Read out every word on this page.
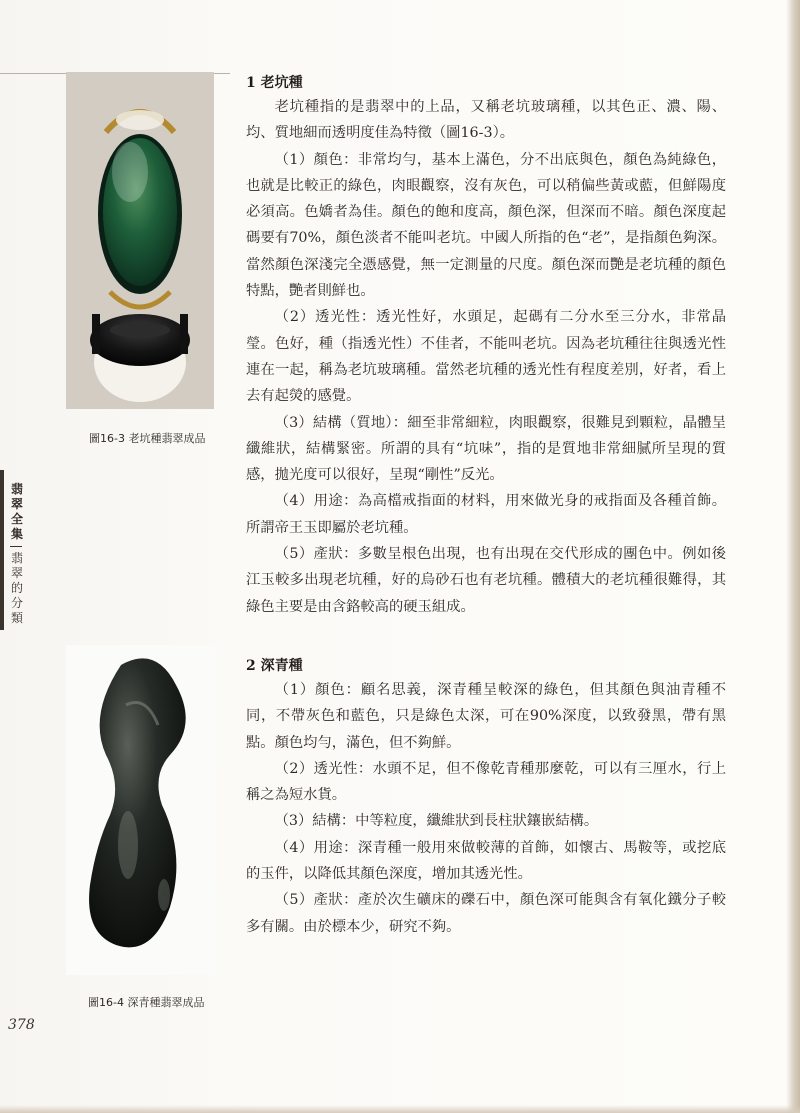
翡
翠
全
集
翡
翠
的
分
類
圖16-3 老坑種翡翠成品
圖16-4 深青種翡翠成品
1 老坑種

老坑種指的是翡翠中的上品，又稱老坑玻璃種，以其色正、濃、陽、均、質地細而透明度佳為特徵（圖16-3）。

（1）顏色：非常均勻，基本上滿色，分不出底與色，顏色為純綠色，也就是比較正的綠色，肉眼觀察，沒有灰色，可以稍偏些黃或藍，但鮮陽度必須高。色嬌者為佳。顏色的飽和度高，顏色深，但深而不暗。顏色深度起碼要有70%，顏色淡者不能叫老坑。中國人所指的色“老”，是指顏色夠深。當然顏色深淺完全憑感覺，無一定測量的尺度。顏色深而艷是老坑種的顏色特點，艷者則鮮也。

（2）透光性：透光性好，水頭足，起碼有二分水至三分水，非常晶瑩。色好，種（指透光性）不佳者，不能叫老坑。因為老坑種往往與透光性連在一起，稱為老坑玻璃種。當然老坑種的透光性有程度差別，好者，看上去有起熒的感覺。

（3）結構（質地）：細至非常細粒，肉眼觀察，很難見到顆粒，晶體呈纖維狀，結構緊密。所謂的具有“坑味”，指的是質地非常細膩所呈現的質感，拋光度可以很好，呈現“剛性”反光。

（4）用途：為高檔戒指面的材料，用來做光身的戒指面及各種首飾。所謂帝王玉即屬於老坑種。

（5）產狀：多數呈根色出現，也有出現在交代形成的團色中。例如後江玉較多出現老坑種，好的烏砂石也有老坑種。體積大的老坑種很難得，其綠色主要是由含鉻較高的硬玉組成。

2 深青種

（1）顏色：顧名思義，深青種呈較深的綠色，但其顏色與油青種不同，不帶灰色和藍色，只是綠色太深，可在90%深度，以致發黑，帶有黑點。顏色均勻，滿色，但不夠鮮。

（2）透光性：水頭不足，但不像乾青種那麼乾，可以有三厘水，行上稱之為短水貨。

（3）結構：中等粒度，纖維狀到長柱狀鑲嵌結構。

（4）用途：深青種一般用來做較薄的首飾，如懷古、馬鞍等，或挖底的玉件，以降低其顏色深度，增加其透光性。

（5）產狀：產於次生礦床的礫石中，顏色深可能與含有氧化鐵分子較多有關。由於標本少，研究不夠。

378
